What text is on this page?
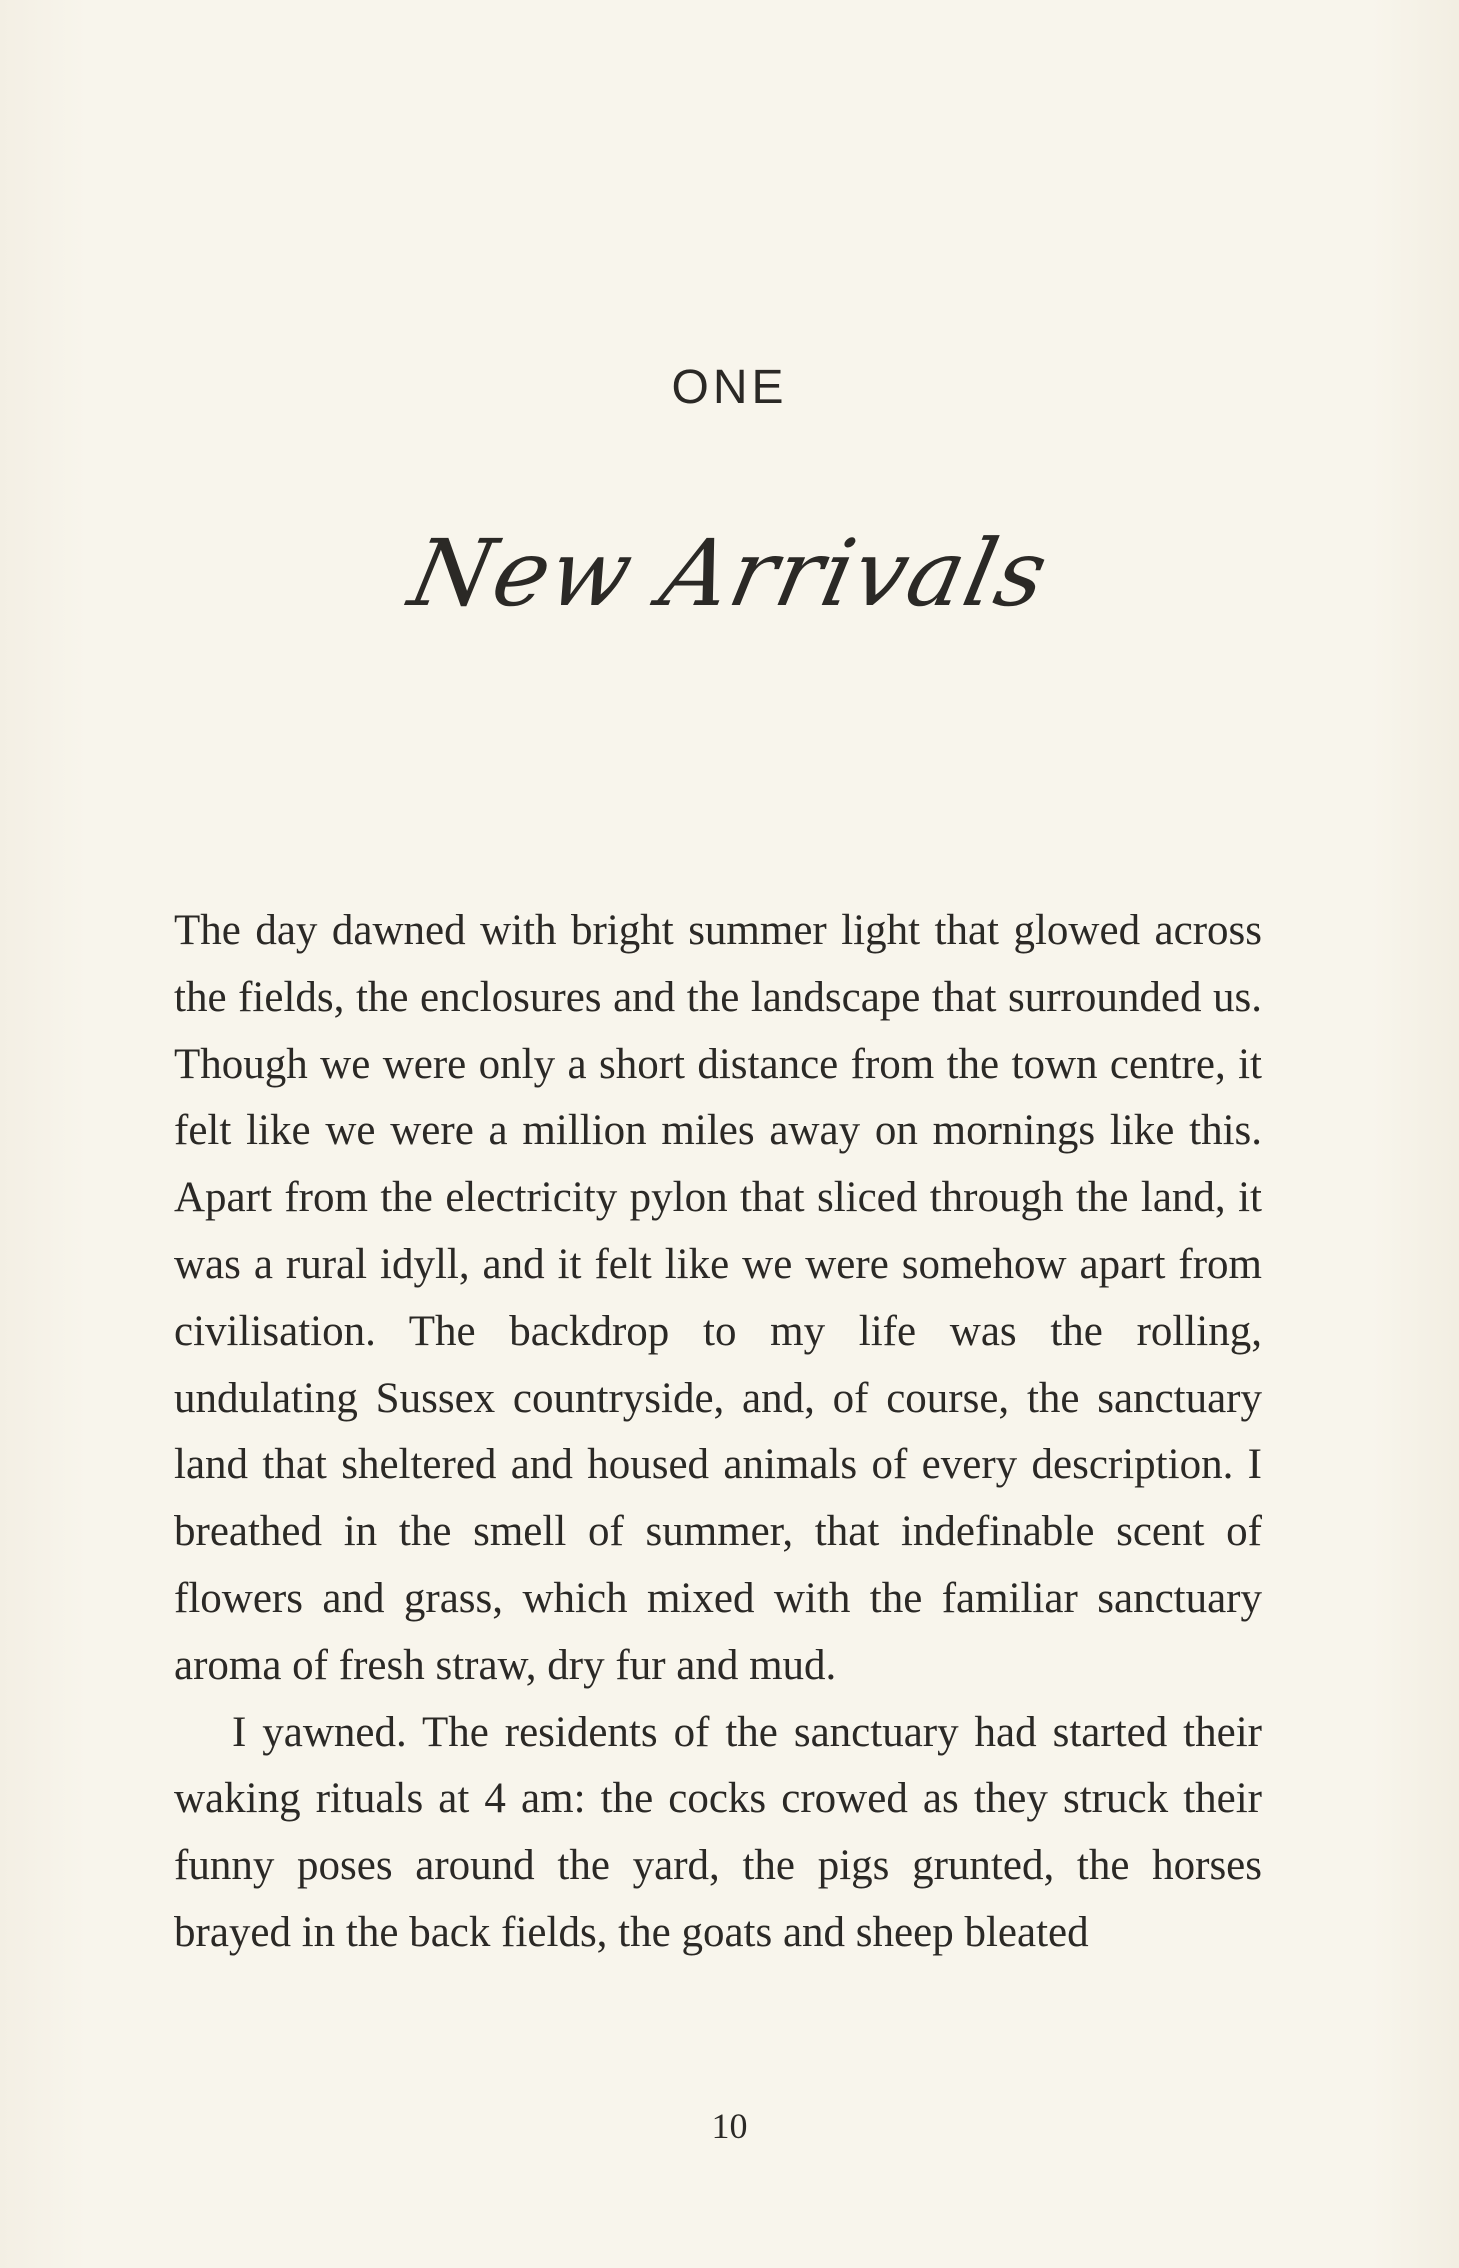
ONE
New Arrivals

The day dawned with bright summer light that glowed across the fields, the enclosures and the landscape that surrounded us. Though we were only a short distance from the town centre, it felt like we were a million miles away on mornings like this. Apart from the electricity pylon that sliced through the land, it was a rural idyll, and it felt like we were somehow apart from civilisation. The backdrop to my life was the rolling, undulating Sussex countryside, and, of course, the sanctuary land that sheltered and housed animals of every description. I breathed in the smell of summer, that indefinable scent of flowers and grass, which mixed with the familiar sanctuary aroma of fresh straw, dry fur and mud.

I yawned. The residents of the sanctuary had started their waking rituals at 4 am: the cocks crowed as they struck their funny poses around the yard, the pigs grunted, the horses brayed in the back fields, the goats and sheep bleated

10
